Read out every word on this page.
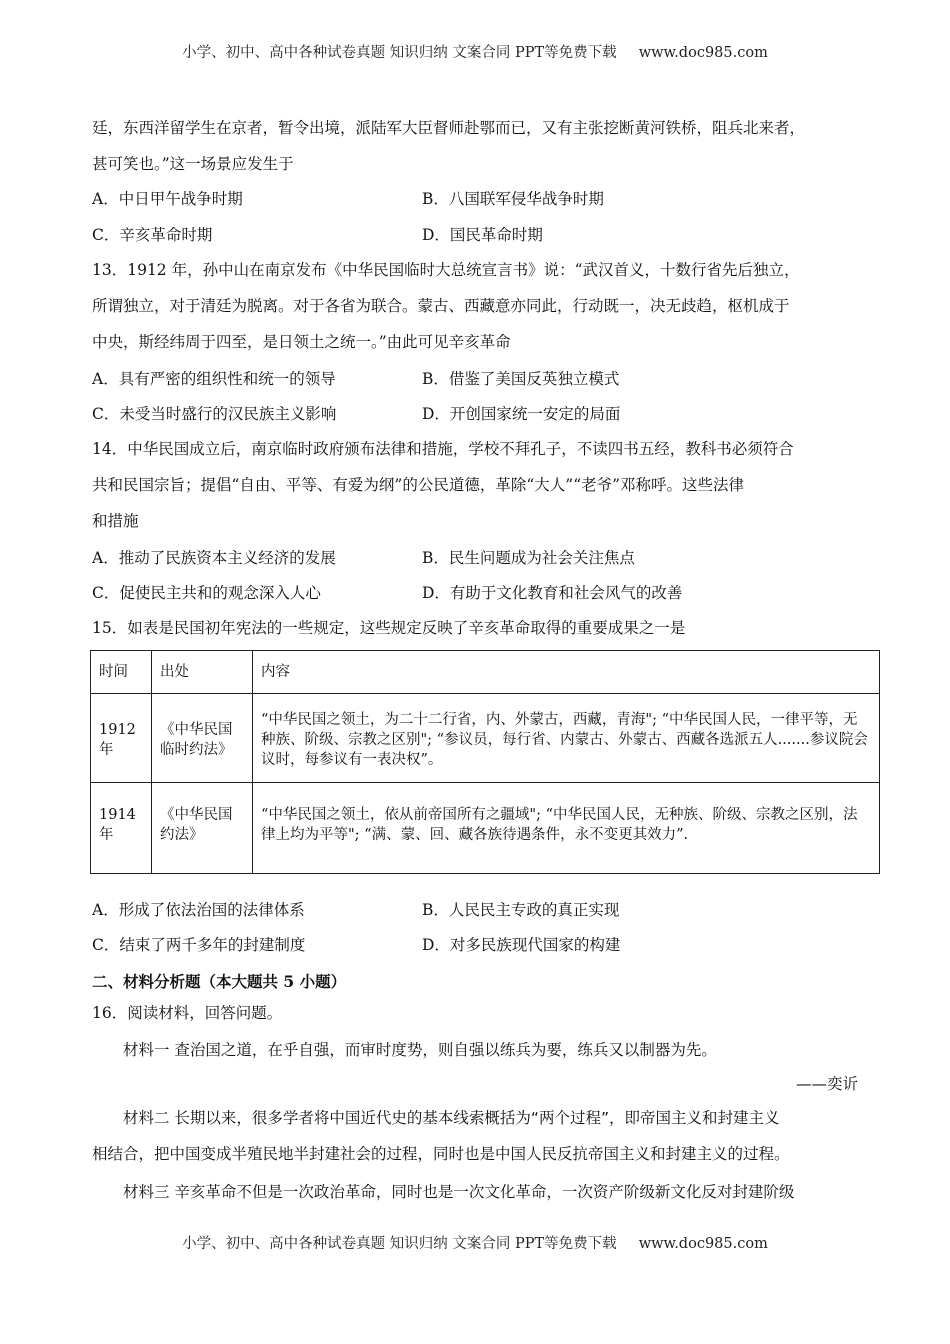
小学、初中、高中各种试卷真题 知识归纳 文案合同 PPT等免费下载 www.doc985.com
廷，东西洋留学生在京者，暂令出境，派陆军大臣督师赴鄂而已，又有主张挖断黄河铁桥，阻兵北来者，
甚可笑也。”这一场景应发生于
A．中日甲午战争时期	B．八国联军侵华战争时期
C．辛亥革命时期	D．国民革命时期
13．1912 年，孙中山在南京发布《中华民国临时大总统宣言书》说：“武汉首义，十数行省先后独立，
所谓独立，对于清廷为脱离。对于各省为联合。蒙古、西藏意亦同此，行动既一，决无歧趋，枢机成于
中央，斯经纬周于四至，是日领土之统一。”由此可见辛亥革命
A．具有严密的组织性和统一的领导	B．借鉴了美国反英独立模式
C．未受当时盛行的汉民族主义影响	D．开创国家统一安定的局面
14．中华民国成立后，南京临时政府颁布法律和措施，学校不拜孔子，不读四书五经，教科书必须符合
共和民国宗旨；提倡“自由、平等、有爱为纲”的公民道德，革除“大人”“老爷”邓称呼。这些法律
和措施
A．推动了民族资本主义经济的发展	B．民生问题成为社会关注焦点
C．促使民主共和的观念深入人心	D．有助于文化教育和社会风气的改善
15．如表是民国初年宪法的一些规定，这些规定反映了辛亥革命取得的重要成果之一是
时间	出处	内容
1912 年	《中华民国临时约法》	“中华民国之领土，为二十二行省，内、外蒙古，西藏，青海"; “中华民国人民，一律平等，无种族、阶级、宗教之区别"; “参议员，每行省、内蒙古、外蒙古、西藏各选派五人.......参议院会议时，每参议有一表决权”。
1914 年	《中华民国约法》	“中华民国之领土，依从前帝国所有之疆域"; “中华民国人民，无种族、阶级、宗教之区别，法律上均为平等"; “满、蒙、回、藏各族待遇条件，永不变更其效力”.
A．形成了依法治国的法律体系	B．人民民主专政的真正实现
C．结束了两千多年的封建制度	D．对多民族现代国家的构建
二、材料分析题（本大题共 5 小题）
16．阅读材料，回答问题。
材料一 查治国之道，在乎自强，而审时度势，则自强以练兵为要，练兵又以制器为先。
——奕䜣
材料二 长期以来，很多学者将中国近代史的基本线索概括为“两个过程”，即帝国主义和封建主义
相结合，把中国变成半殖民地半封建社会的过程，同时也是中国人民反抗帝国主义和封建主义的过程。
材料三 辛亥革命不但是一次政治革命，同时也是一次文化革命，一次资产阶级新文化反对封建阶级
小学、初中、高中各种试卷真题 知识归纳 文案合同 PPT等免费下载 www.doc985.com
